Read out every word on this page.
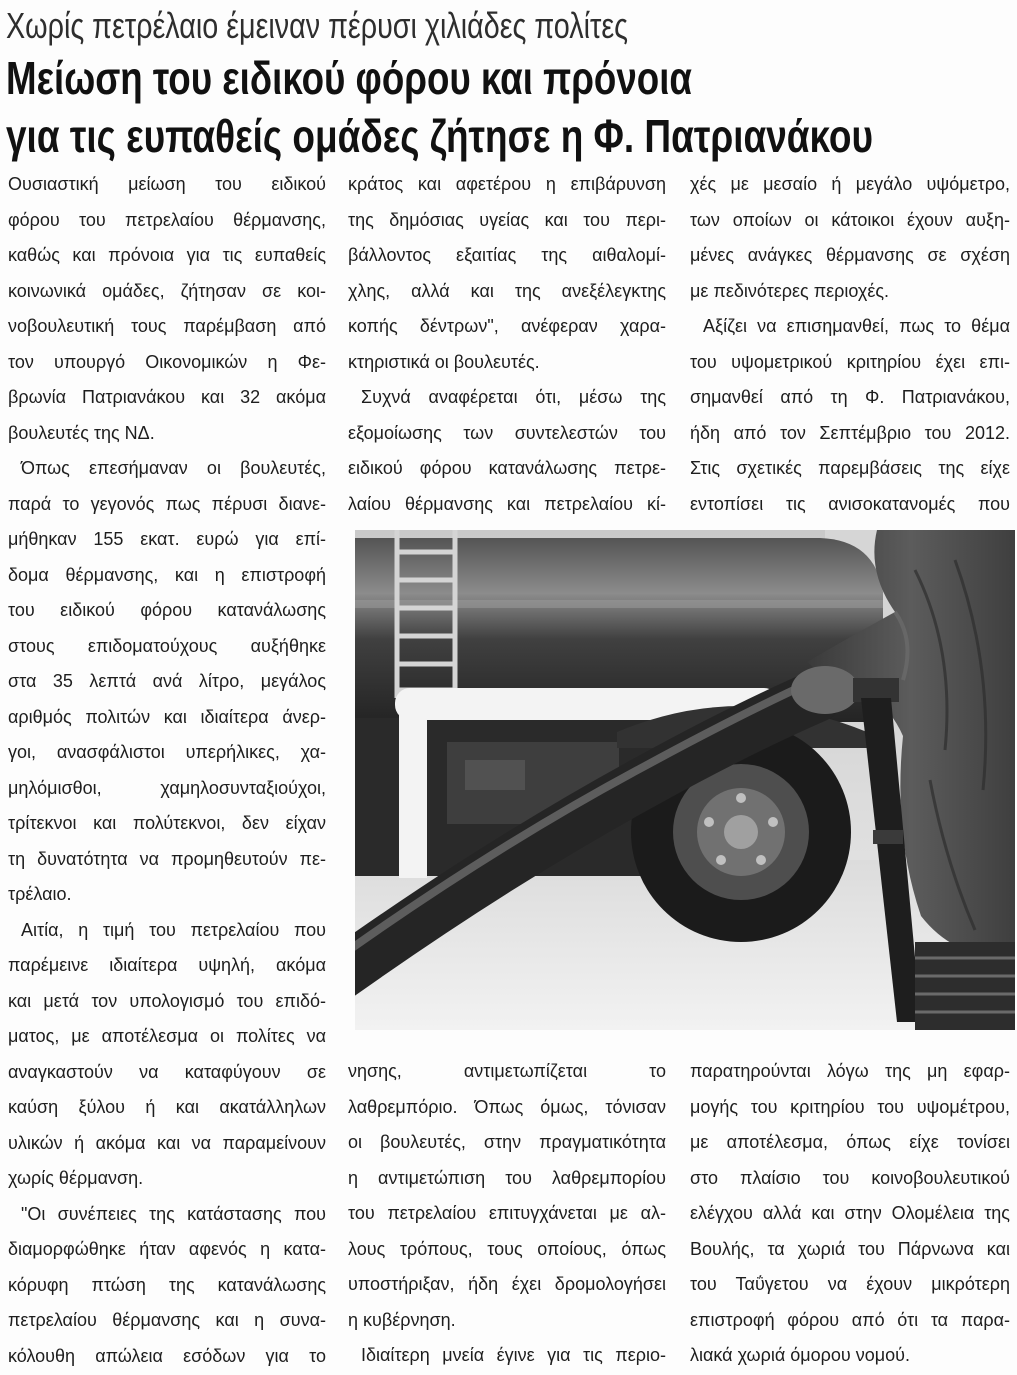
Χωρίς πετρέλαιο έμειναν πέρυσι χιλιάδες πολίτες
Μείωση του ειδικού φόρου και πρόνοια
για τις ευπαθείς ομάδες ζήτησε η Φ. Πατριανάκου
Ουσιαστική μείωση του ειδικού
φόρου του πετρελαίου θέρμανσης,
καθώς και πρόνοια για τις ευπαθείς
κοινωνικά ομάδες, ζήτησαν σε κοι-
νοβουλευτική τους παρέμβαση από
τον υπουργό Οικονομικών η Φε-
βρωνία Πατριανάκου και 32 ακόμα
βουλευτές της ΝΔ.
Όπως επεσήμαναν οι βουλευτές,
παρά το γεγονός πως πέρυσι διανε-
μήθηκαν 155 εκατ. ευρώ για επί-
δομα θέρμανσης, και η επιστροφή
του ειδικού φόρου κατανάλωσης
στους επιδοματούχους αυξήθηκε
στα 35 λεπτά ανά λίτρο, μεγάλος
αριθμός πολιτών και ιδιαίτερα άνερ-
γοι, ανασφάλιστοι υπερήλικες, χα-
μηλόμισθοι, χαμηλοσυνταξιούχοι,
τρίτεκνοι και πολύτεκνοι, δεν είχαν
τη δυνατότητα να προμηθευτούν πε-
τρέλαιο.
Αιτία, η τιμή του πετρελαίου που
παρέμεινε ιδιαίτερα υψηλή, ακόμα
και μετά τον υπολογισμό του επιδό-
ματος, με αποτέλεσμα οι πολίτες να
αναγκαστούν να καταφύγουν σε
καύση ξύλου ή και ακατάλληλων
υλικών ή ακόμα και να παραμείνουν
χωρίς θέρμανση.
"Οι συνέπειες της κατάστασης που
διαμορφώθηκε ήταν αφενός η κατα-
κόρυφη πτώση της κατανάλωσης
πετρελαίου θέρμανσης και η συνα-
κόλουθη απώλεια εσόδων για το
κράτος και αφετέρου η επιβάρυνση
της δημόσιας υγείας και του περι-
βάλλοντος εξαιτίας της αιθαλομί-
χλης, αλλά και της ανεξέλεγκτης
κοπής δέντρων", ανέφεραν χαρα-
κτηριστικά οι βουλευτές.
Συχνά αναφέρεται ότι, μέσω της
εξομοίωσης των συντελεστών του
ειδικού φόρου κατανάλωσης πετρε-
λαίου θέρμανσης και πετρελαίου κί-
χές με μεσαίο ή μεγάλο υψόμετρο,
των οποίων οι κάτοικοι έχουν αυξη-
μένες ανάγκες θέρμανσης σε σχέση
με πεδινότερες περιοχές.
Αξίζει να επισημανθεί, πως το θέμα
του υψομετρικού κριτηρίου έχει επι-
σημανθεί από τη Φ. Πατριανάκου,
ήδη από τον Σεπτέμβριο του 2012.
Στις σχετικές παρεμβάσεις της είχε
εντοπίσει τις ανισοκατανομές που
νησης, αντιμετωπίζεται το
λαθρεμπόριο. Όπως όμως, τόνισαν
οι βουλευτές, στην πραγματικότητα
η αντιμετώπιση του λαθρεμπορίου
του πετρελαίου επιτυγχάνεται με αλ-
λους τρόπους, τους οποίους, όπως
υποστήριξαν, ήδη έχει δρομολογήσει
η κυβέρνηση.
Ιδιαίτερη μνεία έγινε για τις περιο-
παρατηρούνται λόγω της μη εφαρ-
μογής του κριτηρίου του υψομέτρου,
με αποτέλεσμα, όπως είχε τονίσει
στο πλαίσιο του κοινοβουλευτικού
ελέγχου αλλά και στην Ολομέλεια της
Βουλής, τα χωριά του Πάρνωνα και
του Ταΰγετου να έχουν μικρότερη
επιστροφή φόρου από ότι τα παρα-
λιακά χωριά όμορου νομού.
